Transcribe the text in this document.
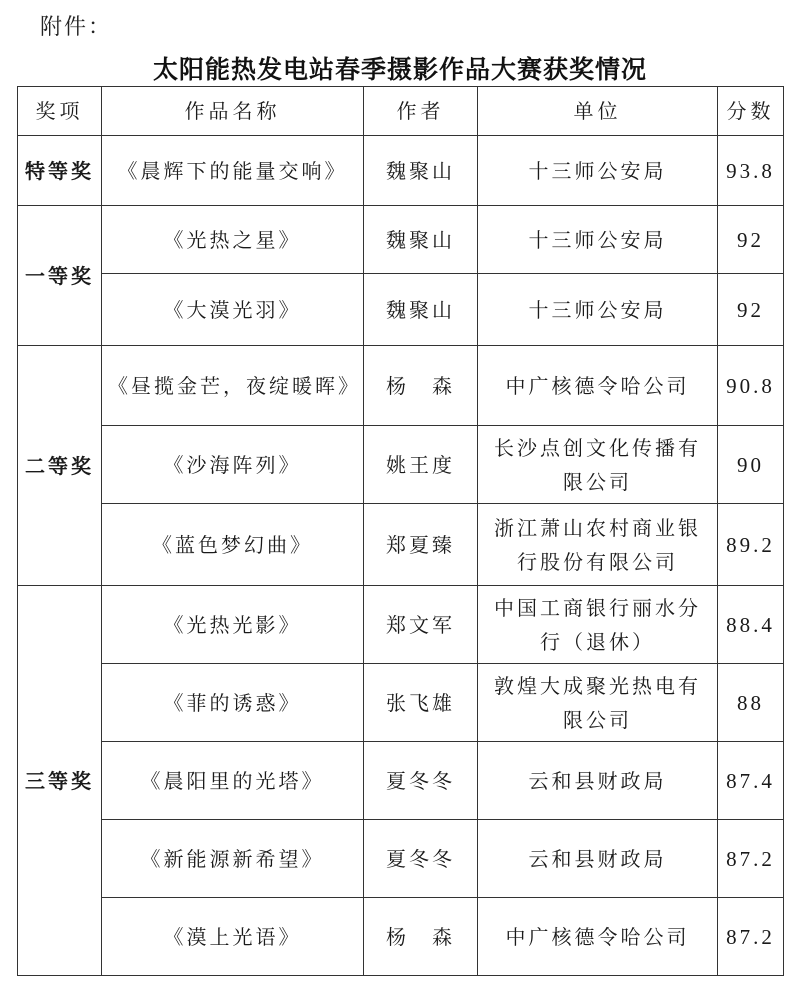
附件：
太阳能热发电站春季摄影作品大赛获奖情况
奖项	作品名称	作者	单位	分数
特等奖	《晨辉下的能量交响》	魏聚山	十三师公安局	93.8
一等奖	《光热之星》	魏聚山	十三师公安局	92
	《大漠光羽》	魏聚山	十三师公安局	92
二等奖	《昼揽金芒，夜绽暖晖》	杨　森	中广核德令哈公司	90.8
	《沙海阵列》	姚王度	长沙点创文化传播有限公司	90
	《蓝色梦幻曲》	郑夏臻	浙江萧山农村商业银行股份有限公司	89.2
三等奖	《光热光影》	郑文军	中国工商银行丽水分行（退休）	88.4
	《菲的诱惑》	张飞雄	敦煌大成聚光热电有限公司	88
	《晨阳里的光塔》	夏冬冬	云和县财政局	87.4
	《新能源新希望》	夏冬冬	云和县财政局	87.2
	《漠上光语》	杨　森	中广核德令哈公司	87.2
